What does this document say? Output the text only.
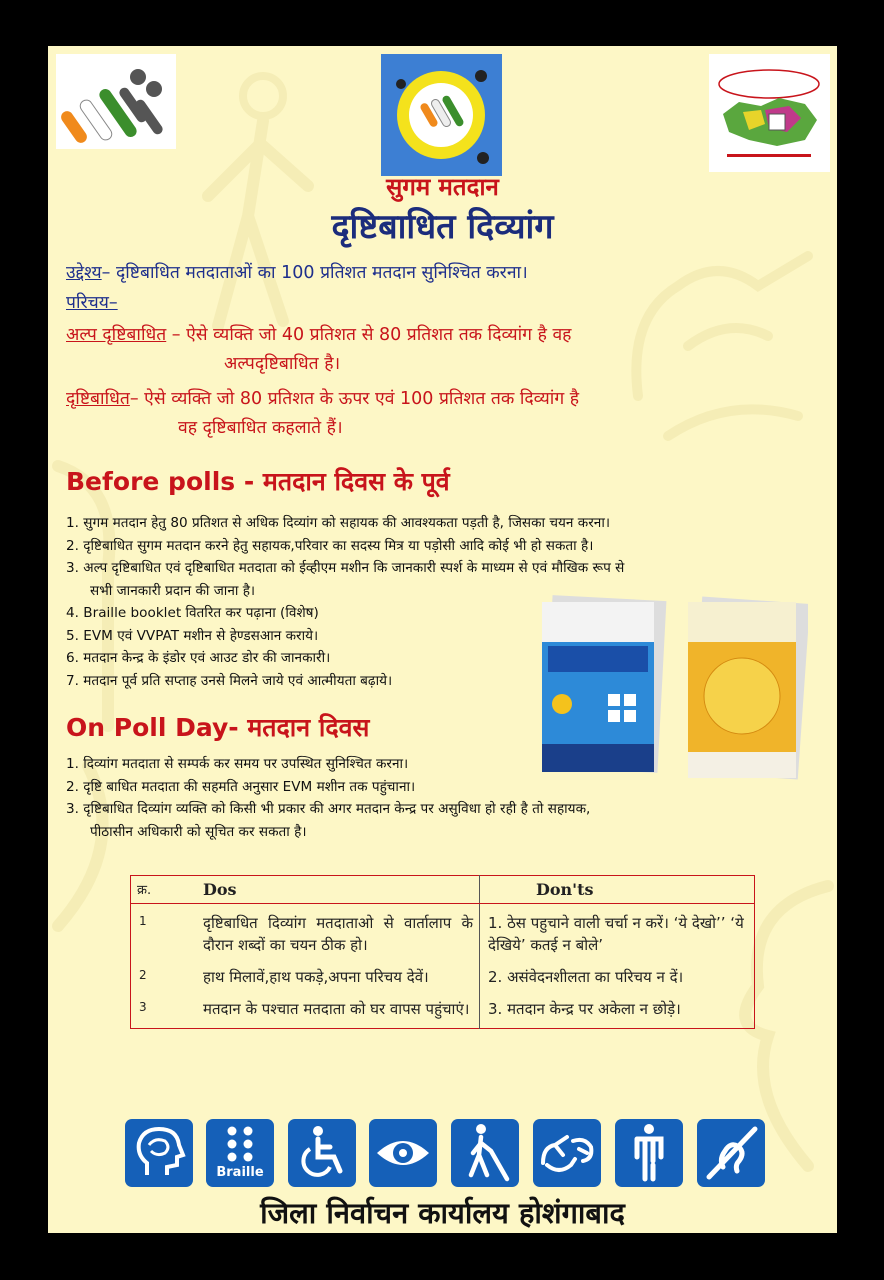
सुगम मतदान
दृष्टिबाधित दिव्यांग
उद्देश्य– दृष्टिबाधित मतदाताओं का 100 प्रतिशत मतदान सुनिश्चित करना।
परिचय–
अल्प दृष्टिबाधित – ऐसे व्यक्ति जो 40 प्रतिशत से 80 प्रतिशत तक दिव्यांग है वह
अल्पदृष्टिबाधित है।
दृष्टिबाधित– ऐसे व्यक्ति जो 80 प्रतिशत के ऊपर एवं 100 प्रतिशत तक दिव्यांग है
वह दृष्टिबाधित कहलाते हैं।
Before polls - मतदान दिवस के पूर्व
1. सुगम मतदान हेतु 80 प्रतिशत से अधिक दिव्यांग को सहायक की आवश्यकता पड़ती है, जिसका चयन करना।
2. दृष्टिबाधित सुगम मतदान करने हेतु सहायक,परिवार का सदस्य मित्र या पड़ोसी आदि कोई भी हो सकता है।
3. अल्प दृष्टिबाधित एवं दृष्टिबाधित मतदाता को ईव्हीएम मशीन कि जानकारी स्पर्श के माध्यम से एवं मौखिक रूप से
सभी जानकारी प्रदान की जाना है।
4. Braille booklet वितरित कर पढ़ाना (विशेष)
5. EVM एवं VVPAT मशीन से हेण्डसआन कराये।
6. मतदान केन्द्र के इंडोर एवं आउट डोर की जानकारी।
7. मतदान पूर्व प्रति सप्ताह उनसे मिलने जाये एवं आत्मीयता बढ़ाये।
On Poll Day- मतदान दिवस
1. दिव्यांग मतदाता से सम्पर्क कर समय पर उपस्थित सुनिश्चित करना।
2. दृष्टि बाधित मतदाता की सहमति अनुसार EVM मशीन तक पहुंचाना।
3. दृष्टिबाधित दिव्यांग व्यक्ति को किसी भी प्रकार की अगर मतदान केन्द्र पर असुविधा हो रही है तो सहायक,
पीठासीन अधिकारी को सूचित कर सकता है।
क्र.	Dos	Don'ts
1	दृष्टिबाधित दिव्यांग मतदाताओ से वार्तालाप के दौरान शब्दों का चयन ठीक हो।	1. ठेस पहुचाने वाली चर्चा न करें। ‘ये देखो’’ ‘ये देखिये’ कतई न बोले’
2	हाथ मिलावें,हाथ पकड़े,अपना परिचय देवें।	2. असंवेदनशीलता का परिचय न दें।
3	मतदान के पश्चात मतदाता को घर वापस पहुंचाएं।	3. मतदान केन्द्र पर अकेला न छोड़े।
Braille
जिला निर्वाचन कार्यालय होशंगाबाद
